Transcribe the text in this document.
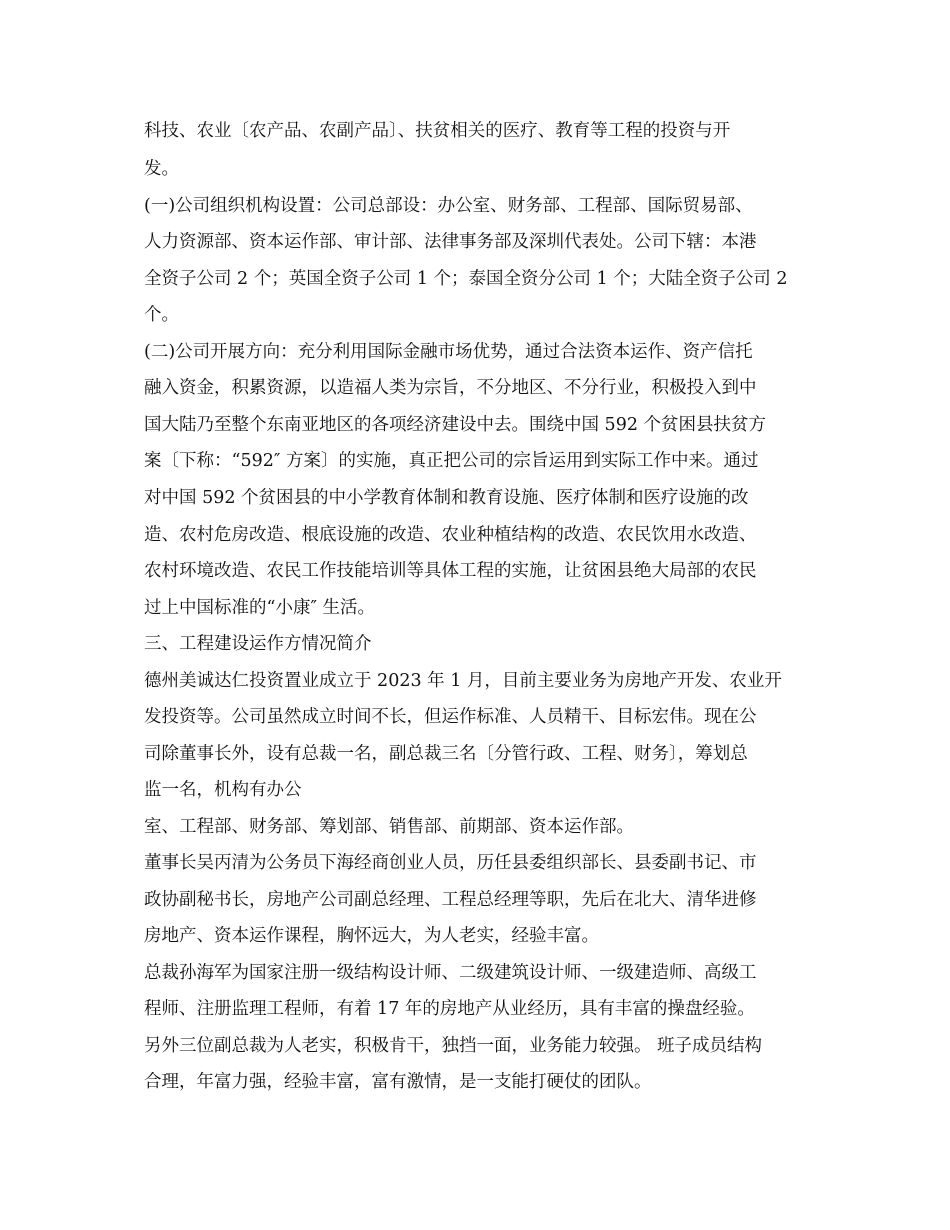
科技、农业〔农产品、农副产品〕、扶贫相关的医疗、教育等工程的投资与开

发。

(一)公司组织机构设置：公司总部设：办公室、财务部、工程部、国际贸易部、

人力资源部、资本运作部、审计部、法律事务部及深圳代表处。公司下辖：本港

全资子公司 2 个；英国全资子公司 1 个；泰国全资分公司 1 个；大陆全资子公司 2

个。

(二)公司开展方向：充分利用国际金融市场优势，通过合法资本运作、资产信托

融入资金，积累资源，以造福人类为宗旨，不分地区、不分行业，积极投入到中

国大陆乃至整个东南亚地区的各项经济建设中去。围绕中国 592 个贫困县扶贫方

案〔下称：“592″ 方案〕的实施，真正把公司的宗旨运用到实际工作中来。通过

对中国 592 个贫困县的中小学教育体制和教育设施、医疗体制和医疗设施的改

造、农村危房改造、根底设施的改造、农业种植结构的改造、农民饮用水改造、

农村环境改造、农民工作技能培训等具体工程的实施，让贫困县绝大局部的农民

过上中国标准的“小康″ 生活。

三、工程建设运作方情况简介

德州美诚达仁投资置业成立于 2023 年 1 月，目前主要业务为房地产开发、农业开

发投资等。公司虽然成立时间不长，但运作标准、人员精干、目标宏伟。现在公

司除董事长外，设有总裁一名，副总裁三名〔分管行政、工程、财务〕，筹划总

监一名，机构有办公

室、工程部、财务部、筹划部、销售部、前期部、资本运作部。

董事长吴丙清为公务员下海经商创业人员，历任县委组织部长、县委副书记、市

政协副秘书长，房地产公司副总经理、工程总经理等职，先后在北大、清华进修

房地产、资本运作课程，胸怀远大，为人老实，经验丰富。

总裁孙海军为国家注册一级结构设计师、二级建筑设计师、一级建造师、高级工

程师、注册监理工程师，有着 17 年的房地产从业经历，具有丰富的操盘经验。

另外三位副总裁为人老实，积极肯干，独挡一面，业务能力较强。 班子成员结构

合理，年富力强，经验丰富，富有激情，是一支能打硬仗的团队。
